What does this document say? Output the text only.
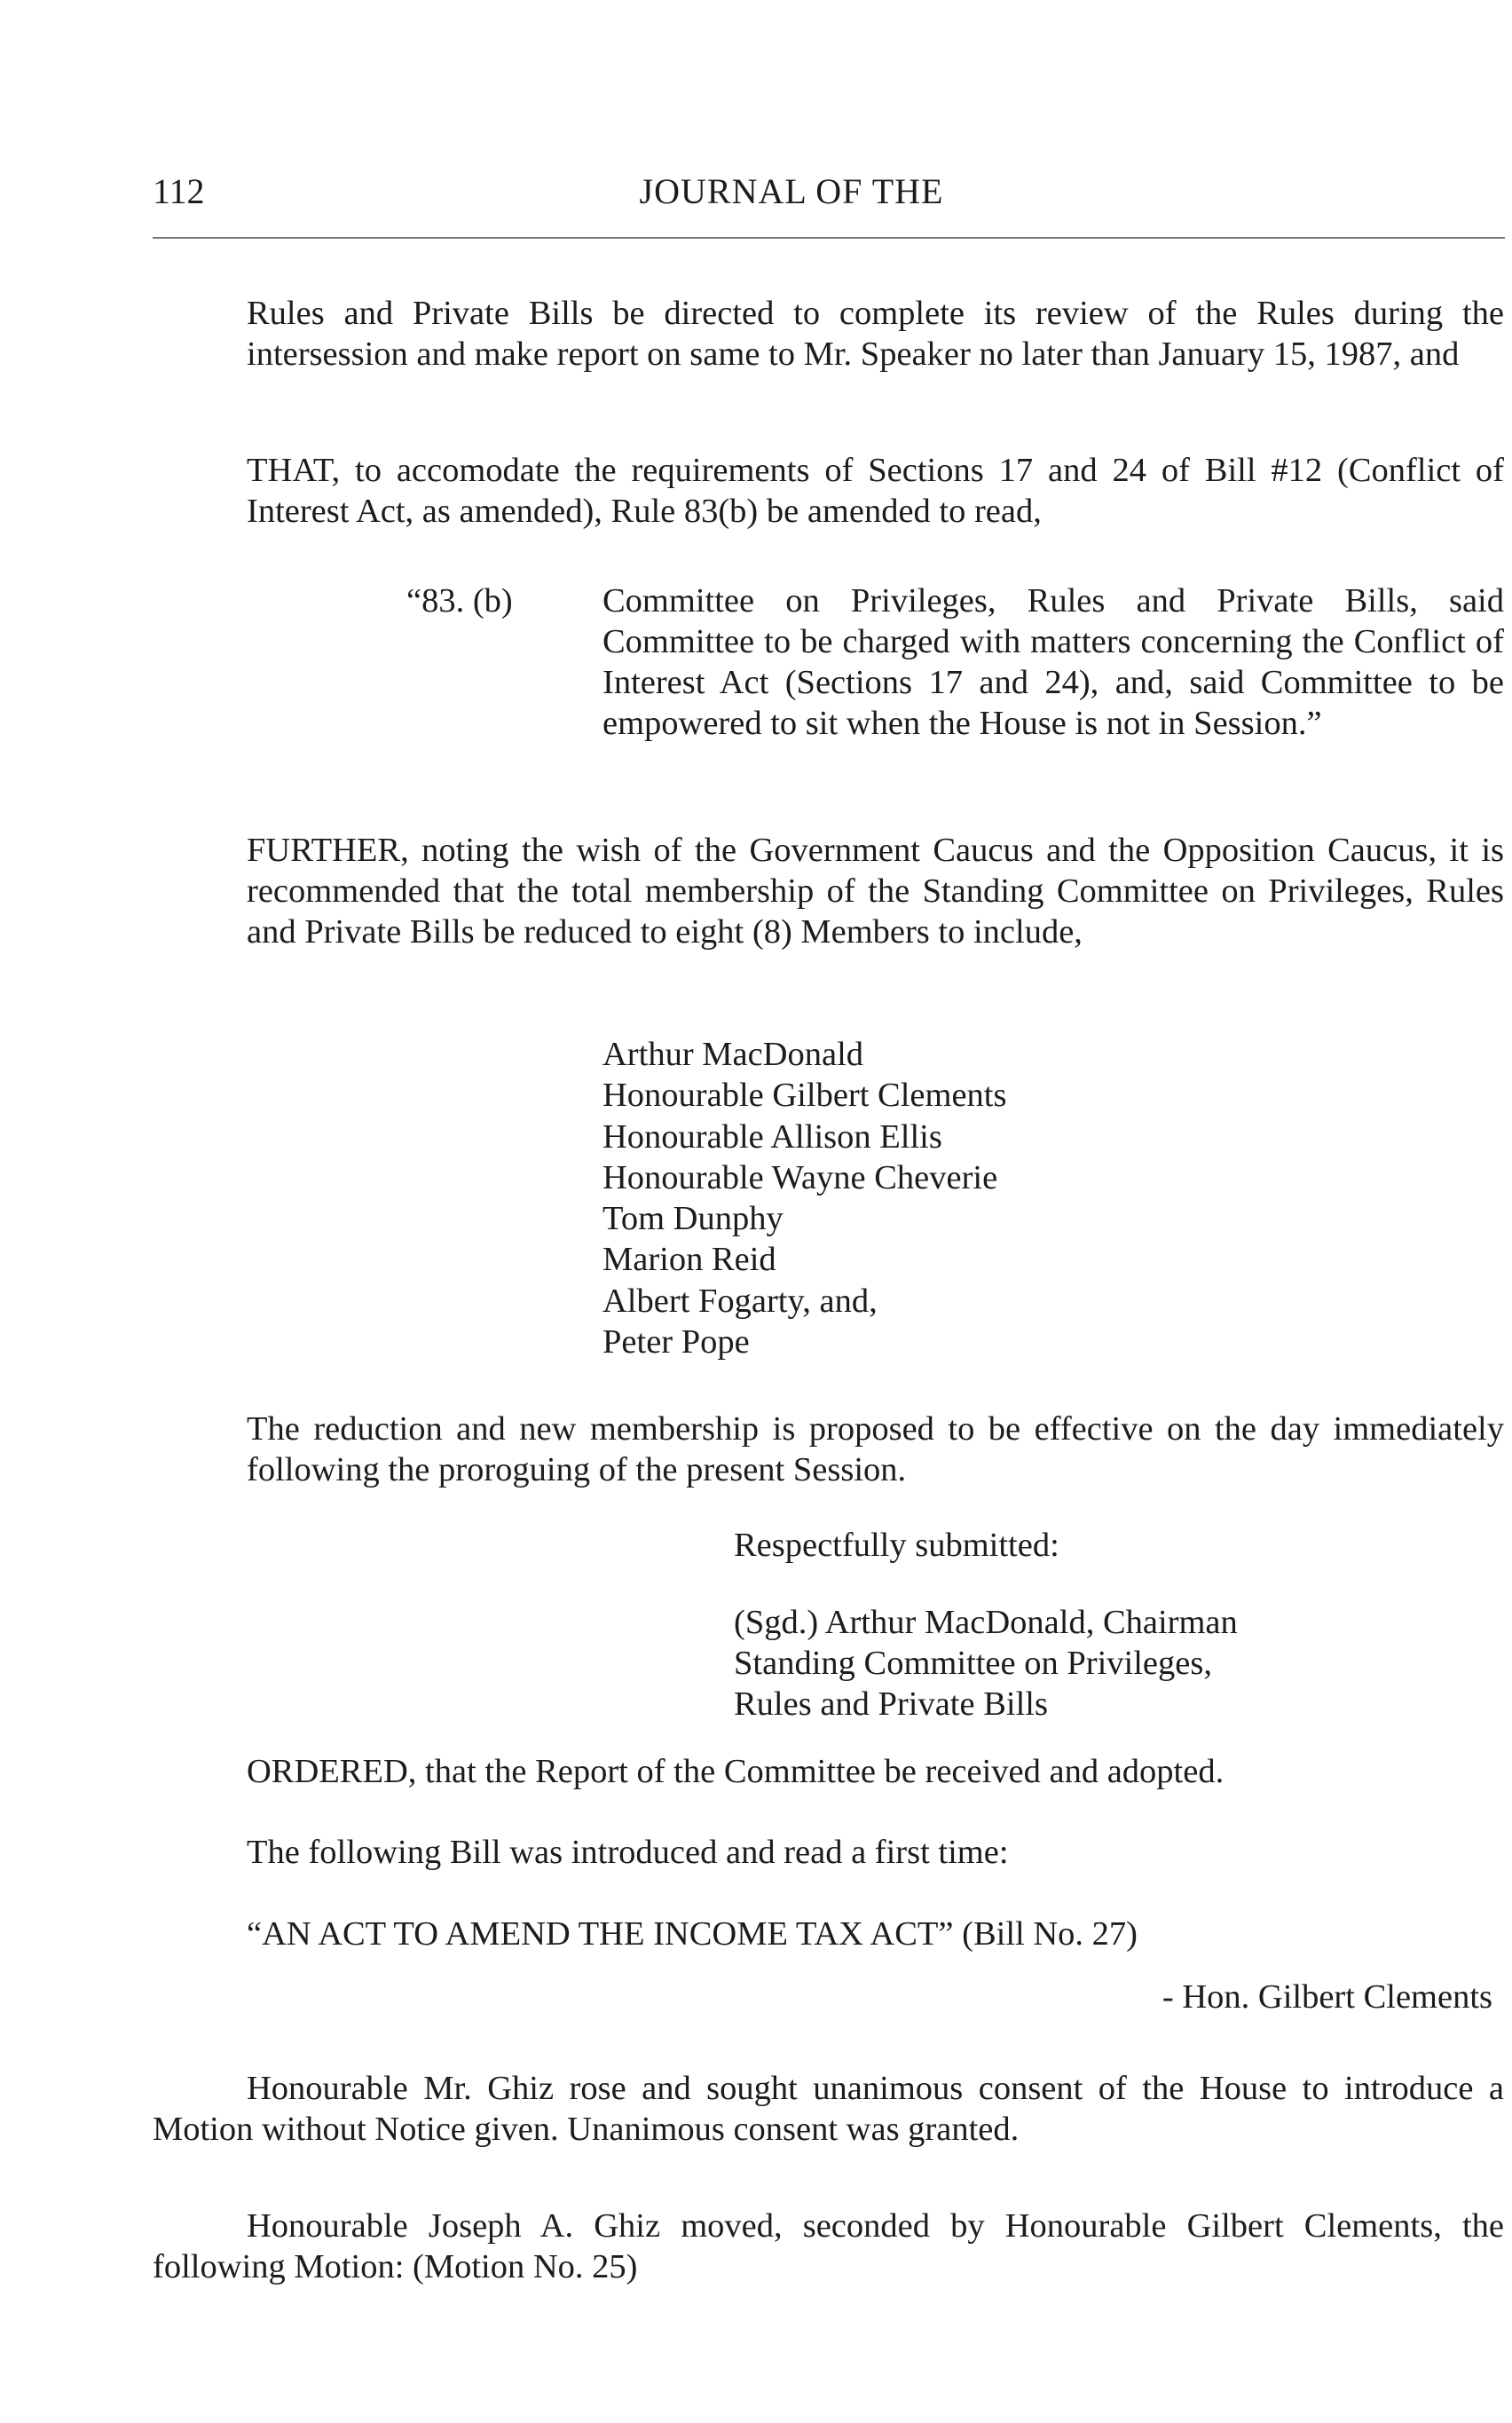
112	JOURNAL OF THE
Rules and Private Bills be directed to complete its review of the Rules during the intersession and make report on same to Mr. Speaker no later than January 15, 1987, and
THAT, to accomodate the requirements of Sections 17 and 24 of Bill #12 (Conflict of Interest Act, as amended), Rule 83(b) be amended to read,
“83. (b)	Committee on Privileges, Rules and Private Bills, said Committee to be charged with matters concerning the Conflict of Interest Act (Sections 17 and 24), and, said Committee to be empowered to sit when the House is not in Session.”
FURTHER, noting the wish of the Government Caucus and the Opposition Caucus, it is recommended that the total membership of the Standing Committee on Privileges, Rules and Private Bills be reduced to eight (8) Members to include,
Arthur MacDonald
Honourable Gilbert Clements
Honourable Allison Ellis
Honourable Wayne Cheverie
Tom Dunphy
Marion Reid
Albert Fogarty, and,
Peter Pope
The reduction and new membership is proposed to be effective on the day immediately following the proroguing of the present Session.
Respectfully submitted:
(Sgd.) Arthur MacDonald, Chairman
Standing Committee on Privileges,
Rules and Private Bills
ORDERED, that the Report of the Committee be received and adopted.
The following Bill was introduced and read a first time:
“AN ACT TO AMEND THE INCOME TAX ACT” (Bill No. 27)
- Hon. Gilbert Clements
Honourable Mr. Ghiz rose and sought unanimous consent of the House to introduce a Motion without Notice given. Unanimous consent was granted.
Honourable Joseph A. Ghiz moved, seconded by Honourable Gilbert Clements, the following Motion: (Motion No. 25)
